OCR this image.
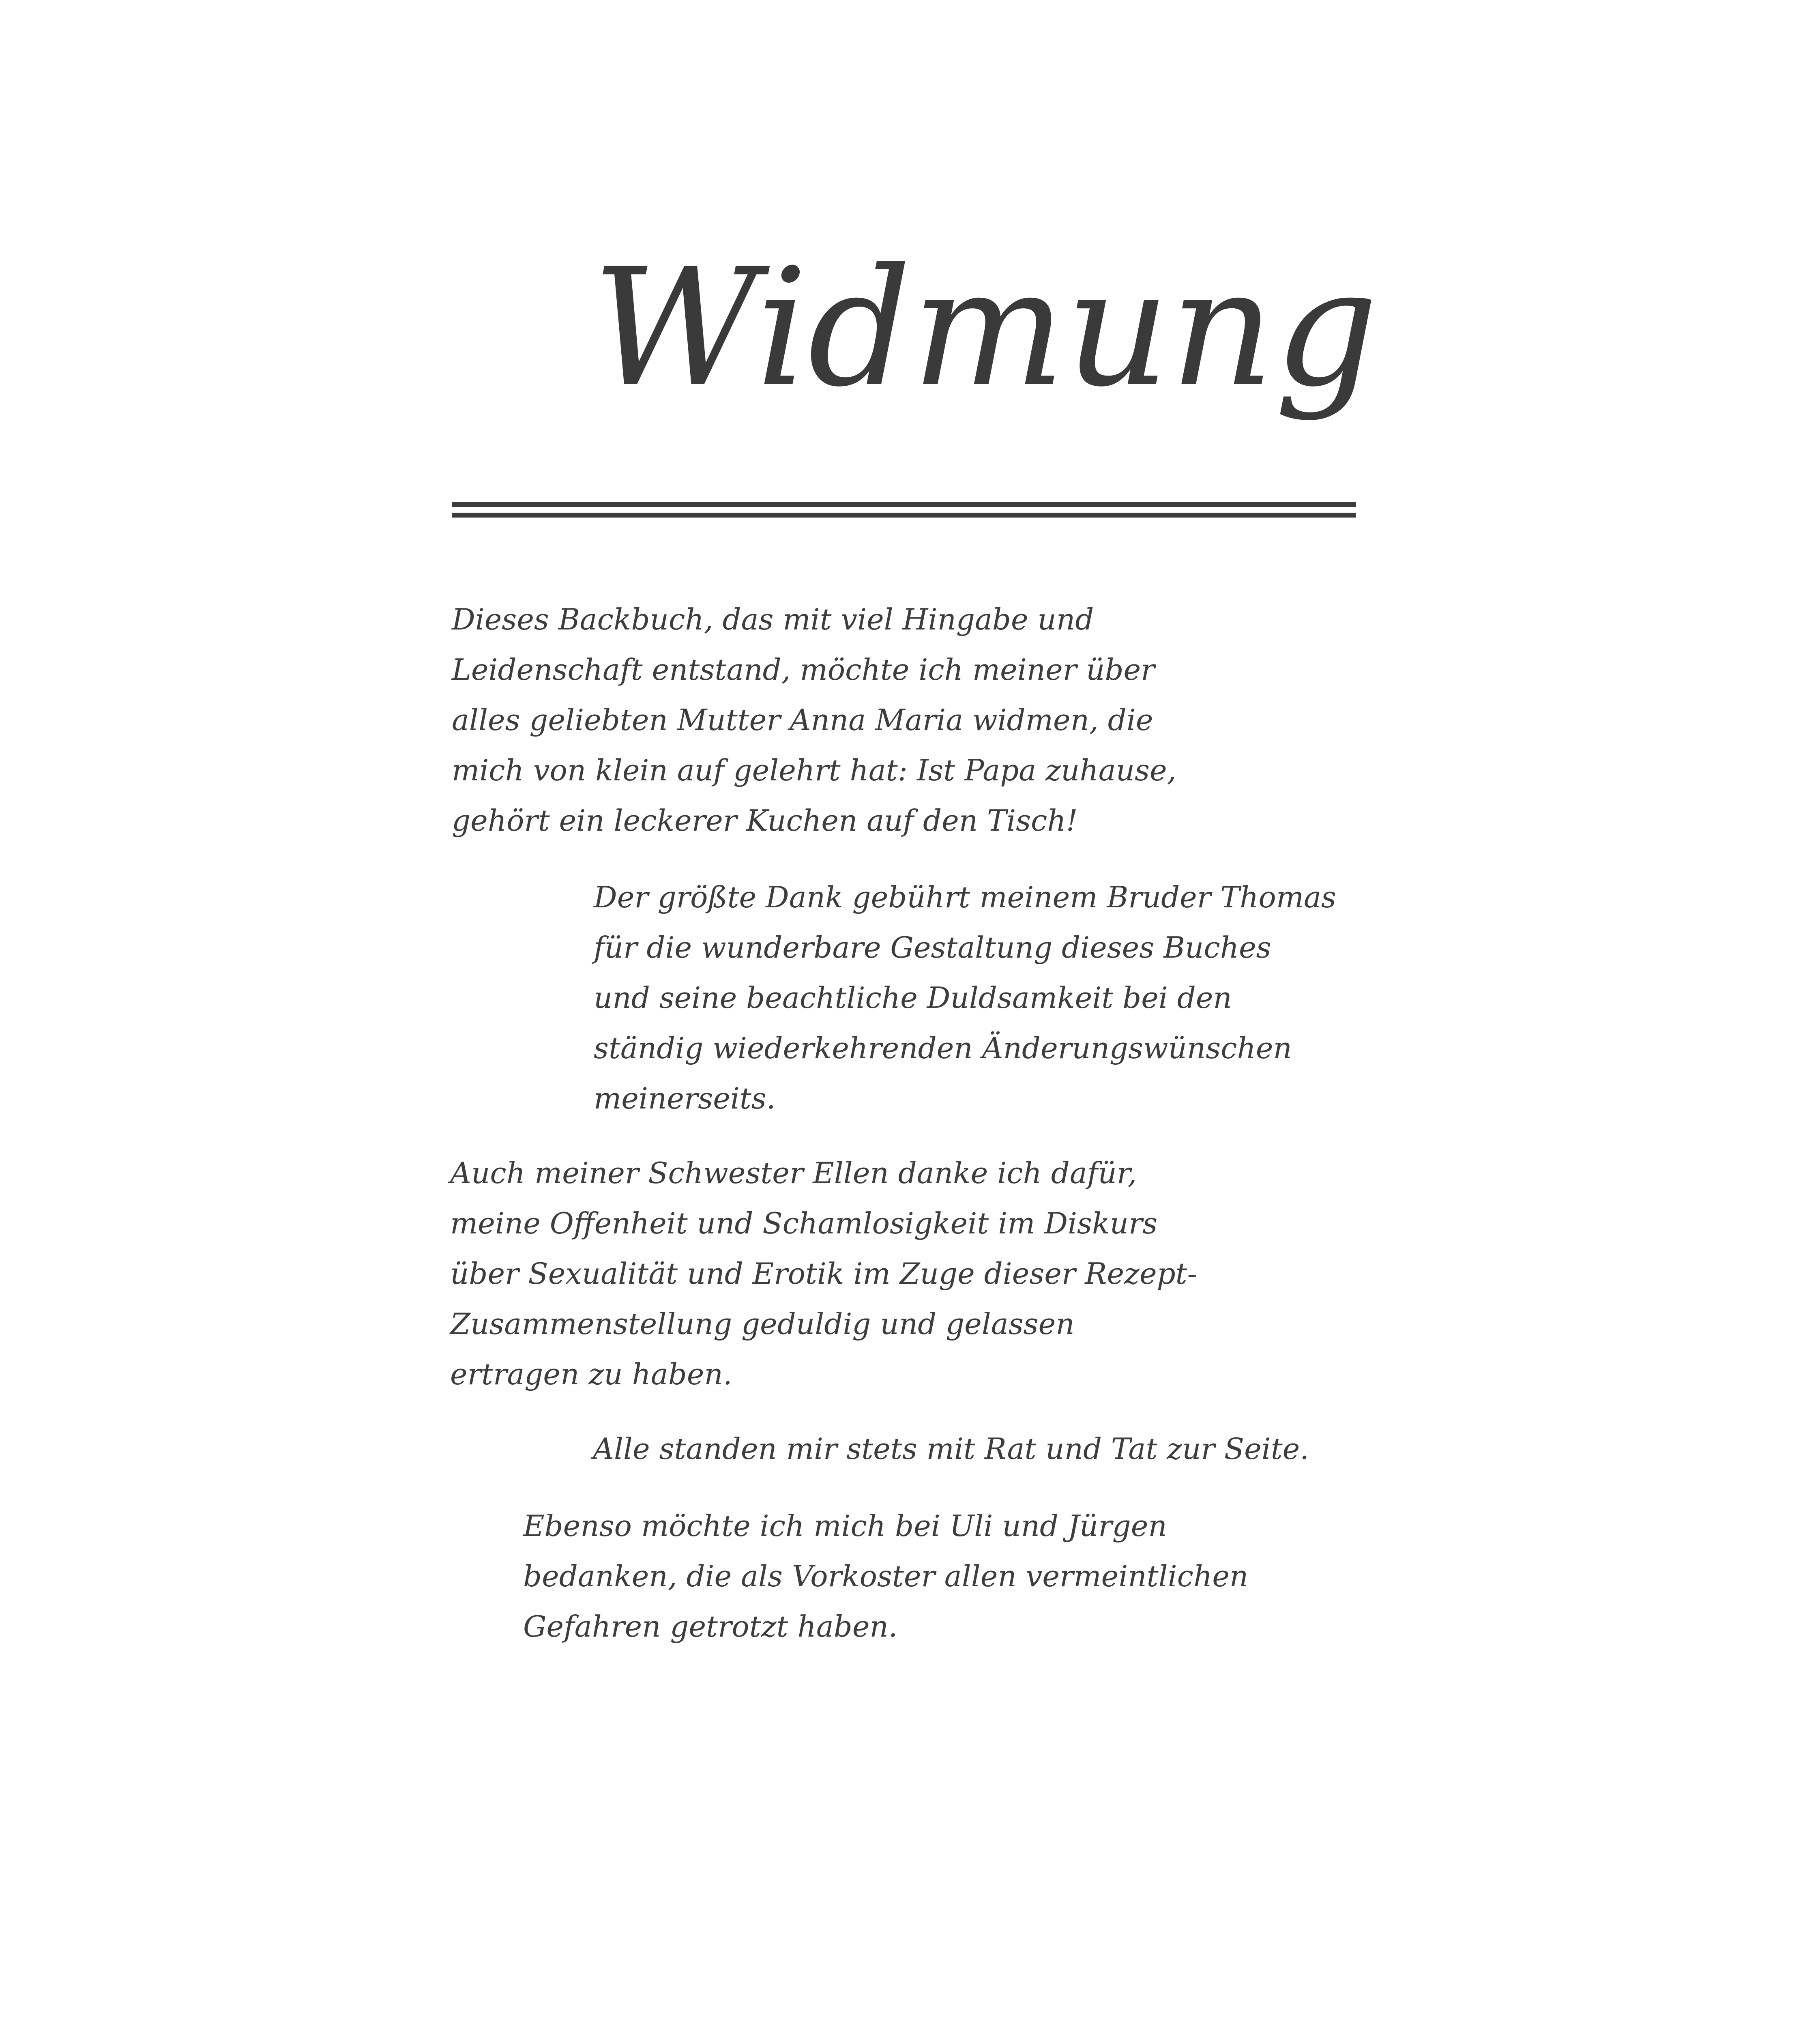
Widmung

Dieses Backbuch, das mit viel Hingabe und
Leidenschaft entstand, möchte ich meiner über
alles geliebten Mutter Anna Maria widmen, die
mich von klein auf gelehrt hat: Ist Papa zuhause,
gehört ein leckerer Kuchen auf den Tisch!

Der größte Dank gebührt meinem Bruder Thomas
für die wunderbare Gestaltung dieses Buches
und seine beachtliche Duldsamkeit bei den
ständig wiederkehrenden Änderungswünschen
meinerseits.

Auch meiner Schwester Ellen danke ich dafür,
meine Offenheit und Schamlosigkeit im Diskurs
über Sexualität und Erotik im Zuge dieser Rezept-
Zusammenstellung geduldig und gelassen
ertragen zu haben.

Alle standen mir stets mit Rat und Tat zur Seite.

Ebenso möchte ich mich bei Uli und Jürgen
bedanken, die als Vorkoster allen vermeintlichen
Gefahren getrotzt haben.
